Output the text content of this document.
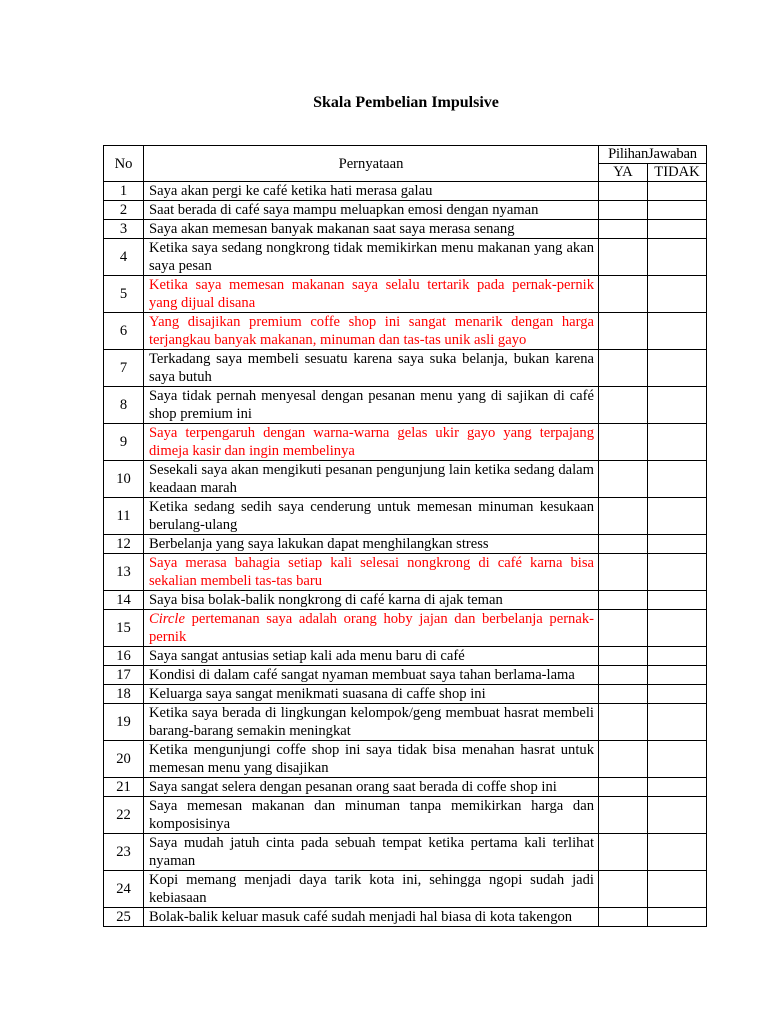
Skala Pembelian Impulsive
No	Pernyataan	PilihanJawaban	
		YA	TIDAK
1	Saya akan pergi ke café ketika hati merasa galau		
2	Saat berada di café saya mampu meluapkan emosi dengan nyaman		
3	Saya akan memesan banyak makanan saat saya merasa senang		
4	Ketika saya sedang nongkrong tidak memikirkan menu makanan yang akan saya pesan		
5	Ketika saya memesan makanan saya selalu tertarik pada pernak-pernik yang dijual disana		
6	Yang disajikan premium coffe shop ini sangat menarik dengan harga terjangkau banyak makanan, minuman dan tas-tas unik asli gayo		
7	Terkadang saya membeli sesuatu karena saya suka belanja, bukan karena saya butuh		
8	Saya tidak pernah menyesal dengan pesanan menu yang di sajikan di café shop premium ini		
9	Saya terpengaruh dengan warna-warna gelas ukir gayo yang terpajang dimeja kasir dan ingin membelinya		
10	Sesekali saya akan mengikuti pesanan pengunjung lain ketika sedang dalam keadaan marah		
11	Ketika sedang sedih saya cenderung untuk memesan minuman kesukaan berulang-ulang		
12	Berbelanja yang saya lakukan dapat menghilangkan stress		
13	Saya merasa bahagia setiap kali selesai nongkrong di café karna bisa sekalian membeli tas-tas baru		
14	Saya bisa bolak-balik nongkrong di café karna di ajak teman		
15	Circle pertemanan saya adalah orang hoby jajan dan berbelanja pernak-pernik		
16	Saya sangat antusias setiap kali ada menu baru di café		
17	Kondisi di dalam café sangat nyaman membuat saya tahan berlama-lama		
18	Keluarga saya sangat menikmati suasana di caffe shop ini		
19	Ketika saya berada di lingkungan kelompok/geng membuat hasrat membeli barang-barang semakin meningkat		
20	Ketika mengunjungi coffe shop ini saya tidak bisa menahan hasrat untuk memesan menu yang disajikan		
21	Saya sangat selera dengan pesanan orang saat berada di coffe shop ini		
22	Saya memesan makanan dan minuman tanpa memikirkan harga dan komposisinya		
23	Saya mudah jatuh cinta pada sebuah tempat ketika pertama kali terlihat nyaman		
24	Kopi memang menjadi daya tarik kota ini, sehingga ngopi sudah jadi kebiasaan		
25	Bolak-balik keluar masuk café sudah menjadi hal biasa di kota takengon		
